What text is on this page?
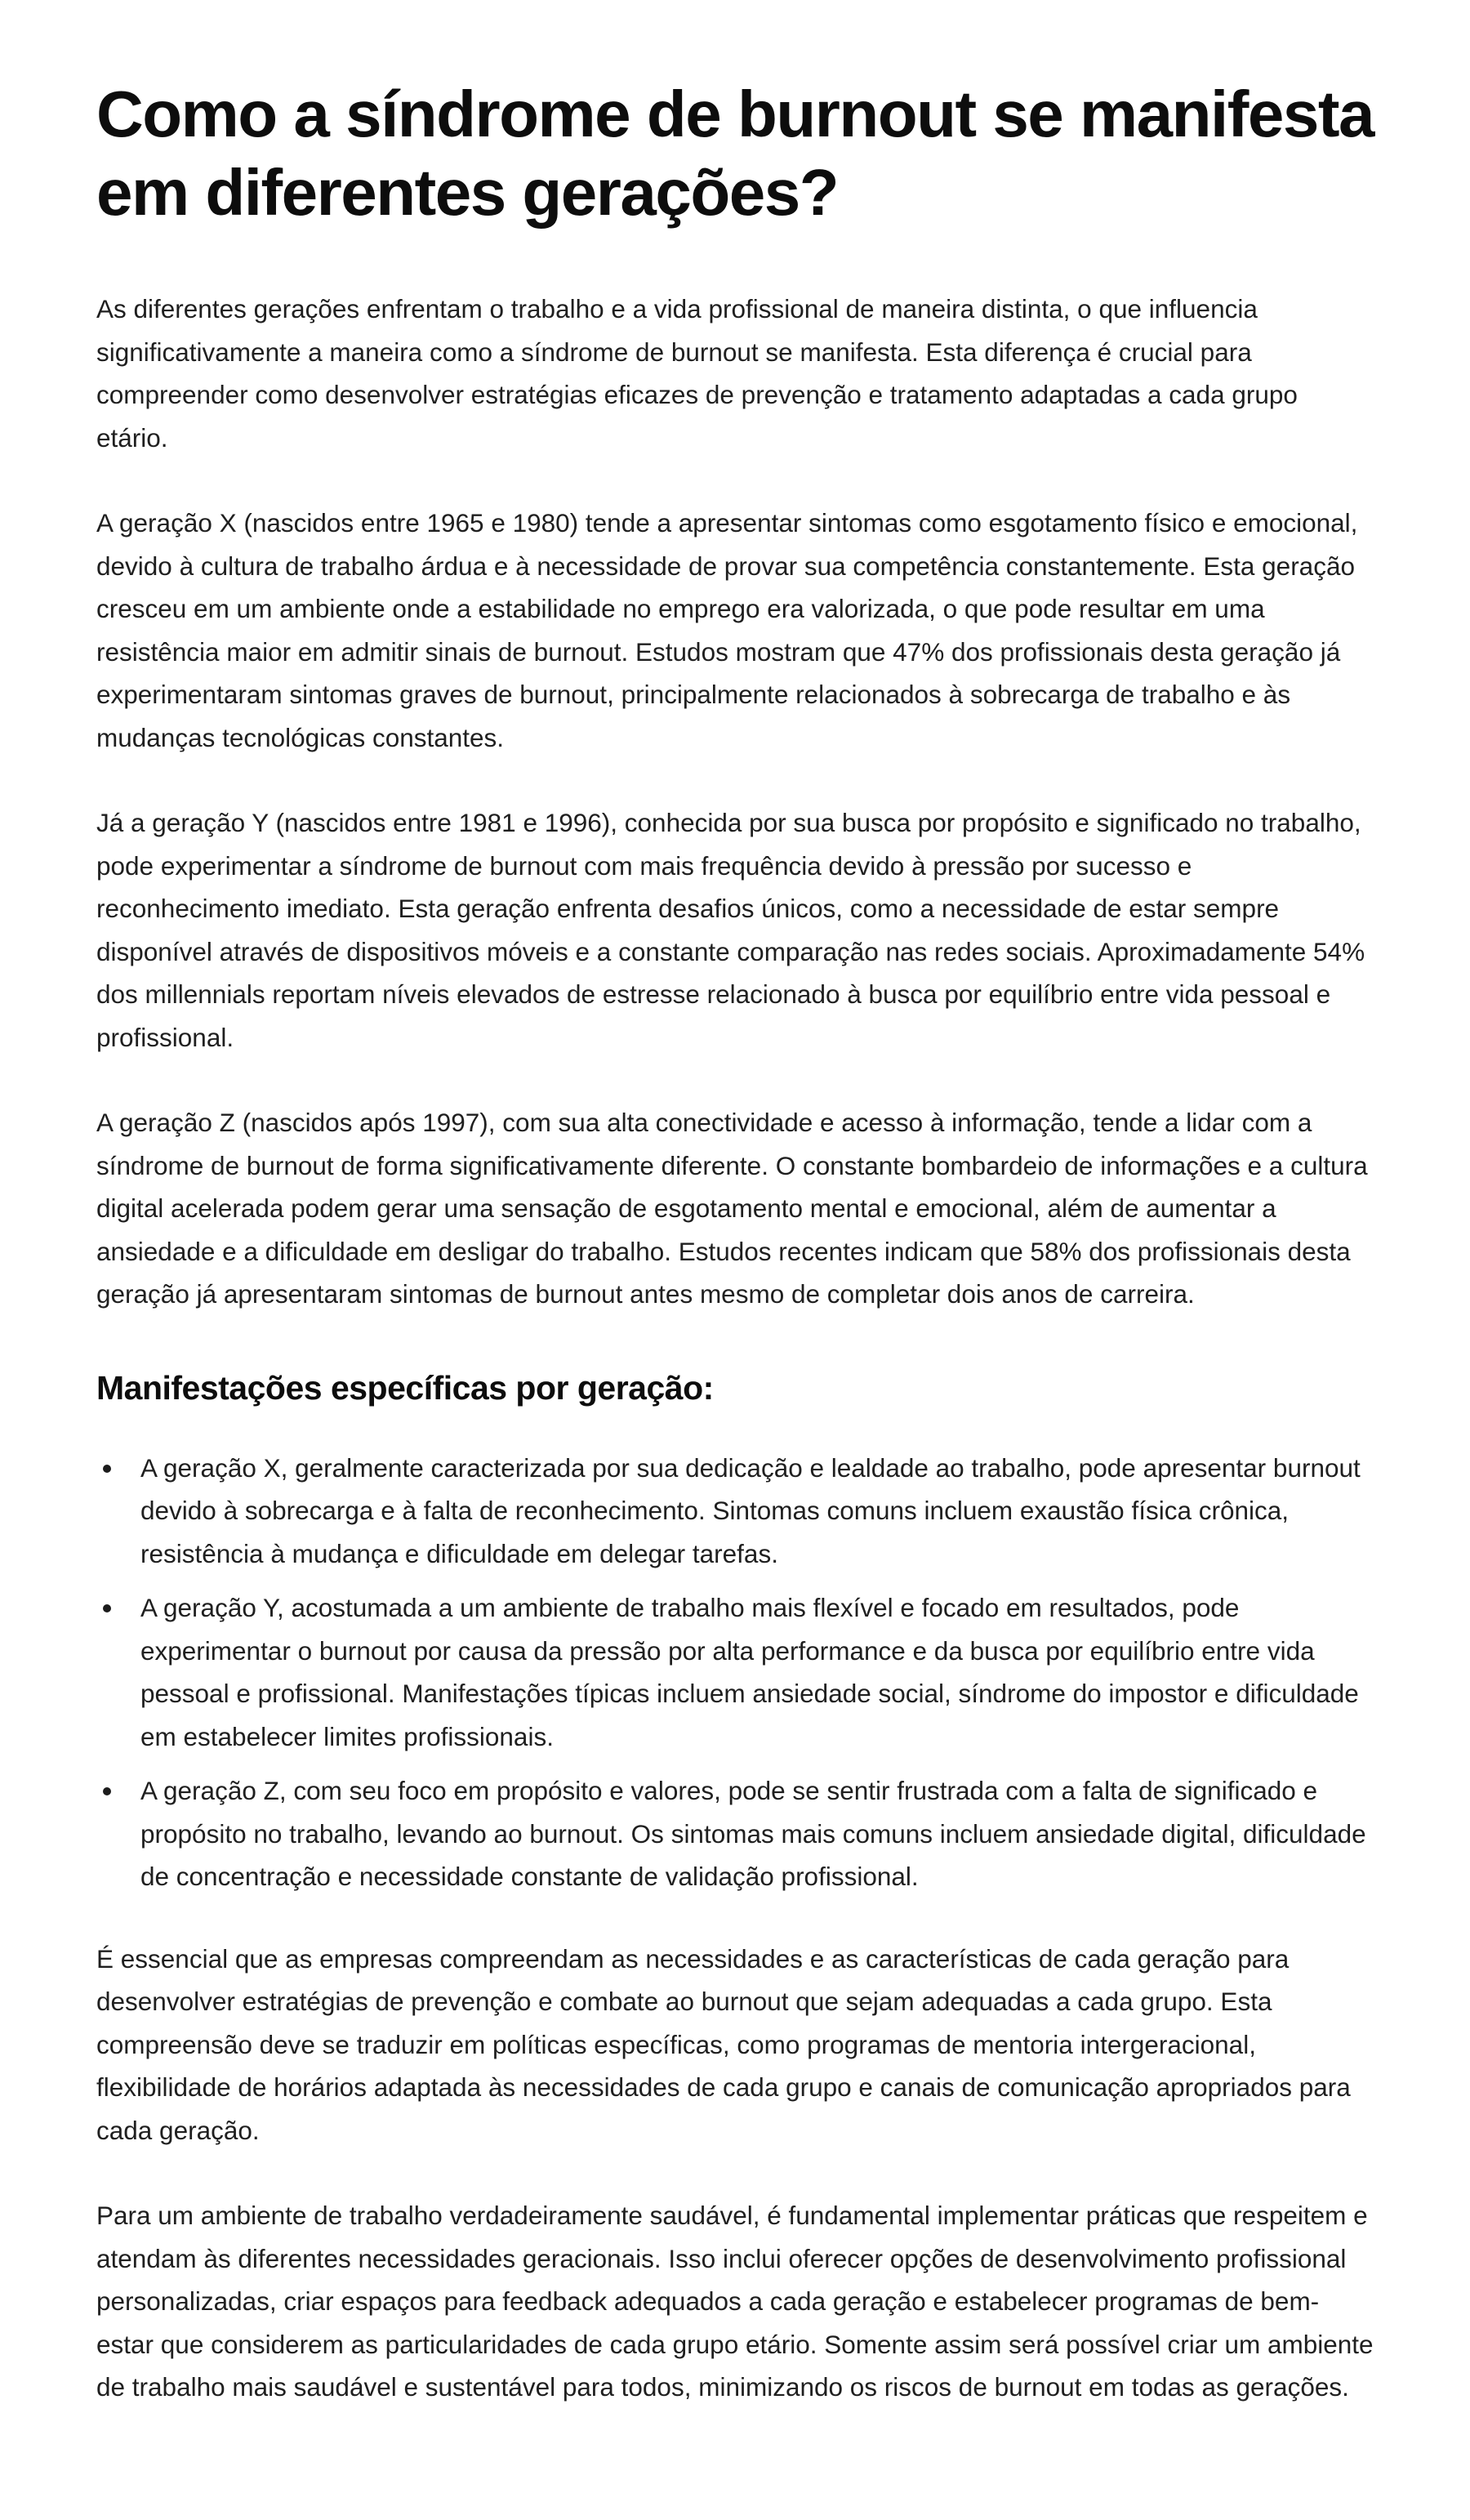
Como a síndrome de burnout se manifesta em diferentes gerações?

As diferentes gerações enfrentam o trabalho e a vida profissional de maneira distinta, o que influencia significativamente a maneira como a síndrome de burnout se manifesta. Esta diferença é crucial para compreender como desenvolver estratégias eficazes de prevenção e tratamento adaptadas a cada grupo etário.

A geração X (nascidos entre 1965 e 1980) tende a apresentar sintomas como esgotamento físico e emocional, devido à cultura de trabalho árdua e à necessidade de provar sua competência constantemente. Esta geração cresceu em um ambiente onde a estabilidade no emprego era valorizada, o que pode resultar em uma resistência maior em admitir sinais de burnout. Estudos mostram que 47% dos profissionais desta geração já experimentaram sintomas graves de burnout, principalmente relacionados à sobrecarga de trabalho e às mudanças tecnológicas constantes.

Já a geração Y (nascidos entre 1981 e 1996), conhecida por sua busca por propósito e significado no trabalho, pode experimentar a síndrome de burnout com mais frequência devido à pressão por sucesso e reconhecimento imediato. Esta geração enfrenta desafios únicos, como a necessidade de estar sempre disponível através de dispositivos móveis e a constante comparação nas redes sociais. Aproximadamente 54% dos millennials reportam níveis elevados de estresse relacionado à busca por equilíbrio entre vida pessoal e profissional.

A geração Z (nascidos após 1997), com sua alta conectividade e acesso à informação, tende a lidar com a síndrome de burnout de forma significativamente diferente. O constante bombardeio de informações e a cultura digital acelerada podem gerar uma sensação de esgotamento mental e emocional, além de aumentar a ansiedade e a dificuldade em desligar do trabalho. Estudos recentes indicam que 58% dos profissionais desta geração já apresentaram sintomas de burnout antes mesmo de completar dois anos de carreira.

Manifestações específicas por geração:
A geração X, geralmente caracterizada por sua dedicação e lealdade ao trabalho, pode apresentar burnout devido à sobrecarga e à falta de reconhecimento. Sintomas comuns incluem exaustão física crônica, resistência à mudança e dificuldade em delegar tarefas.
A geração Y, acostumada a um ambiente de trabalho mais flexível e focado em resultados, pode experimentar o burnout por causa da pressão por alta performance e da busca por equilíbrio entre vida pessoal e profissional. Manifestações típicas incluem ansiedade social, síndrome do impostor e dificuldade em estabelecer limites profissionais.
A geração Z, com seu foco em propósito e valores, pode se sentir frustrada com a falta de significado e propósito no trabalho, levando ao burnout. Os sintomas mais comuns incluem ansiedade digital, dificuldade de concentração e necessidade constante de validação profissional.

É essencial que as empresas compreendam as necessidades e as características de cada geração para desenvolver estratégias de prevenção e combate ao burnout que sejam adequadas a cada grupo. Esta compreensão deve se traduzir em políticas específicas, como programas de mentoria intergeracional, flexibilidade de horários adaptada às necessidades de cada grupo e canais de comunicação apropriados para cada geração.

Para um ambiente de trabalho verdadeiramente saudável, é fundamental implementar práticas que respeitem e atendam às diferentes necessidades geracionais. Isso inclui oferecer opções de desenvolvimento profissional personalizadas, criar espaços para feedback adequados a cada geração e estabelecer programas de bem-estar que considerem as particularidades de cada grupo etário. Somente assim será possível criar um ambiente de trabalho mais saudável e sustentável para todos, minimizando os riscos de burnout em todas as gerações.
